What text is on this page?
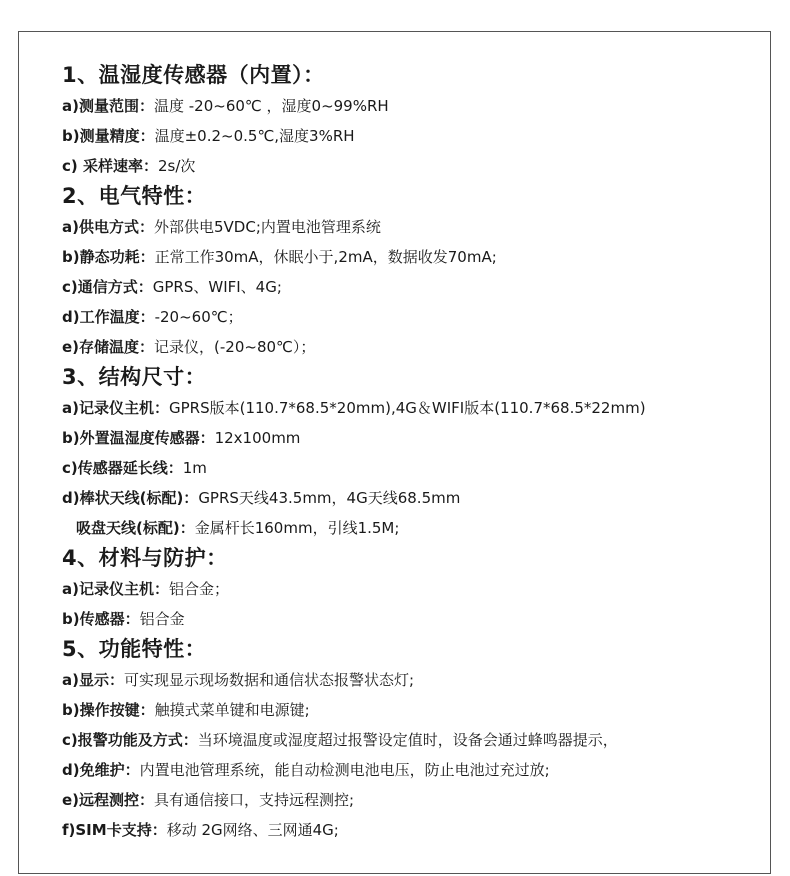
1、温湿度传感器（内置）：
a)测量范围：温度 -20~60℃ ，湿度0~99%RH
b)测量精度：温度±0.2~0.5℃,湿度3%RH
c) 采样速率：2s/次
2、电气特性：
a)供电方式：外部供电5VDC;内置电池管理系统
b)静态功耗：正常工作30mA，休眠小于,2mA，数据收发70mA;
c)通信方式：GPRS、WIFI、4G;
d)工作温度：-20~60℃；
e)存储温度：记录仪，(-20~80℃）；
3、结构尺寸：
a)记录仪主机：GPRS版本(110.7*68.5*20mm),4G＆WIFI版本(110.7*68.5*22mm)
b)外置温湿度传感器：12x100mm
c)传感器延长线：1m
d)棒状天线(标配)：GPRS天线43.5mm，4G天线68.5mm
吸盘天线(标配)：金属杆长160mm，引线1.5M;
4、材料与防护：
a)记录仪主机：铝合金；
b)传感器：铝合金
5、功能特性：
a)显示：可实现显示现场数据和通信状态报警状态灯;
b)操作按键：触摸式菜单键和电源键;
c)报警功能及方式：当环境温度或湿度超过报警设定值时，设备会通过蜂鸣器提示，
d)免维护：内置电池管理系统，能自动检测电池电压，防止电池过充过放;
e)远程测控：具有通信接口，支持远程测控;
f)SIM卡支持：移动 2G网络、三网通4G;
